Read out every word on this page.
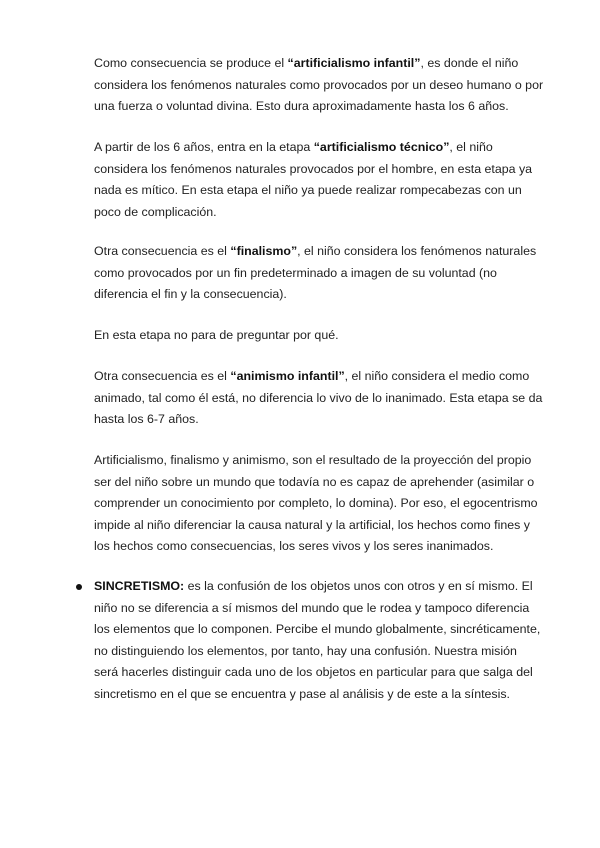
Como consecuencia se produce el “artificialismo infantil”, es donde el niño considera los fenómenos naturales como provocados por un deseo humano o por una fuerza o voluntad divina. Esto dura aproximadamente hasta los 6 años.

A partir de los 6 años, entra en la etapa “artificialismo técnico”, el niño considera los fenómenos naturales provocados por el hombre, en esta etapa ya nada es mítico. En esta etapa el niño ya puede realizar rompecabezas con un poco de complicación.

Otra consecuencia es el “finalismo”, el niño considera los fenómenos naturales como provocados por un fin predeterminado a imagen de su voluntad (no diferencia el fin y la consecuencia).

En esta etapa no para de preguntar por qué.

Otra consecuencia es el “animismo infantil”, el niño considera el medio como animado, tal como él está, no diferencia lo vivo de lo inanimado. Esta etapa se da hasta los 6-7 años.

Artificialismo, finalismo y animismo, son el resultado de la proyección del propio ser del niño sobre un mundo que todavía no es capaz de aprehender (asimilar o comprender un conocimiento por completo, lo domina). Por eso, el egocentrismo impide al niño diferenciar la causa natural y la artificial, los hechos como fines y los hechos como consecuencias, los seres vivos y los seres inanimados.

SINCRETISMO: es la confusión de los objetos unos con otros y en sí mismo. El niño no se diferencia a sí mismos del mundo que le rodea y tampoco diferencia los elementos que lo componen. Percibe el mundo globalmente, sincréticamente, no distinguiendo los elementos, por tanto, hay una confusión. Nuestra misión será hacerles distinguir cada uno de los objetos en particular para que salga del sincretismo en el que se encuentra y pase al análisis y de este a la síntesis.
